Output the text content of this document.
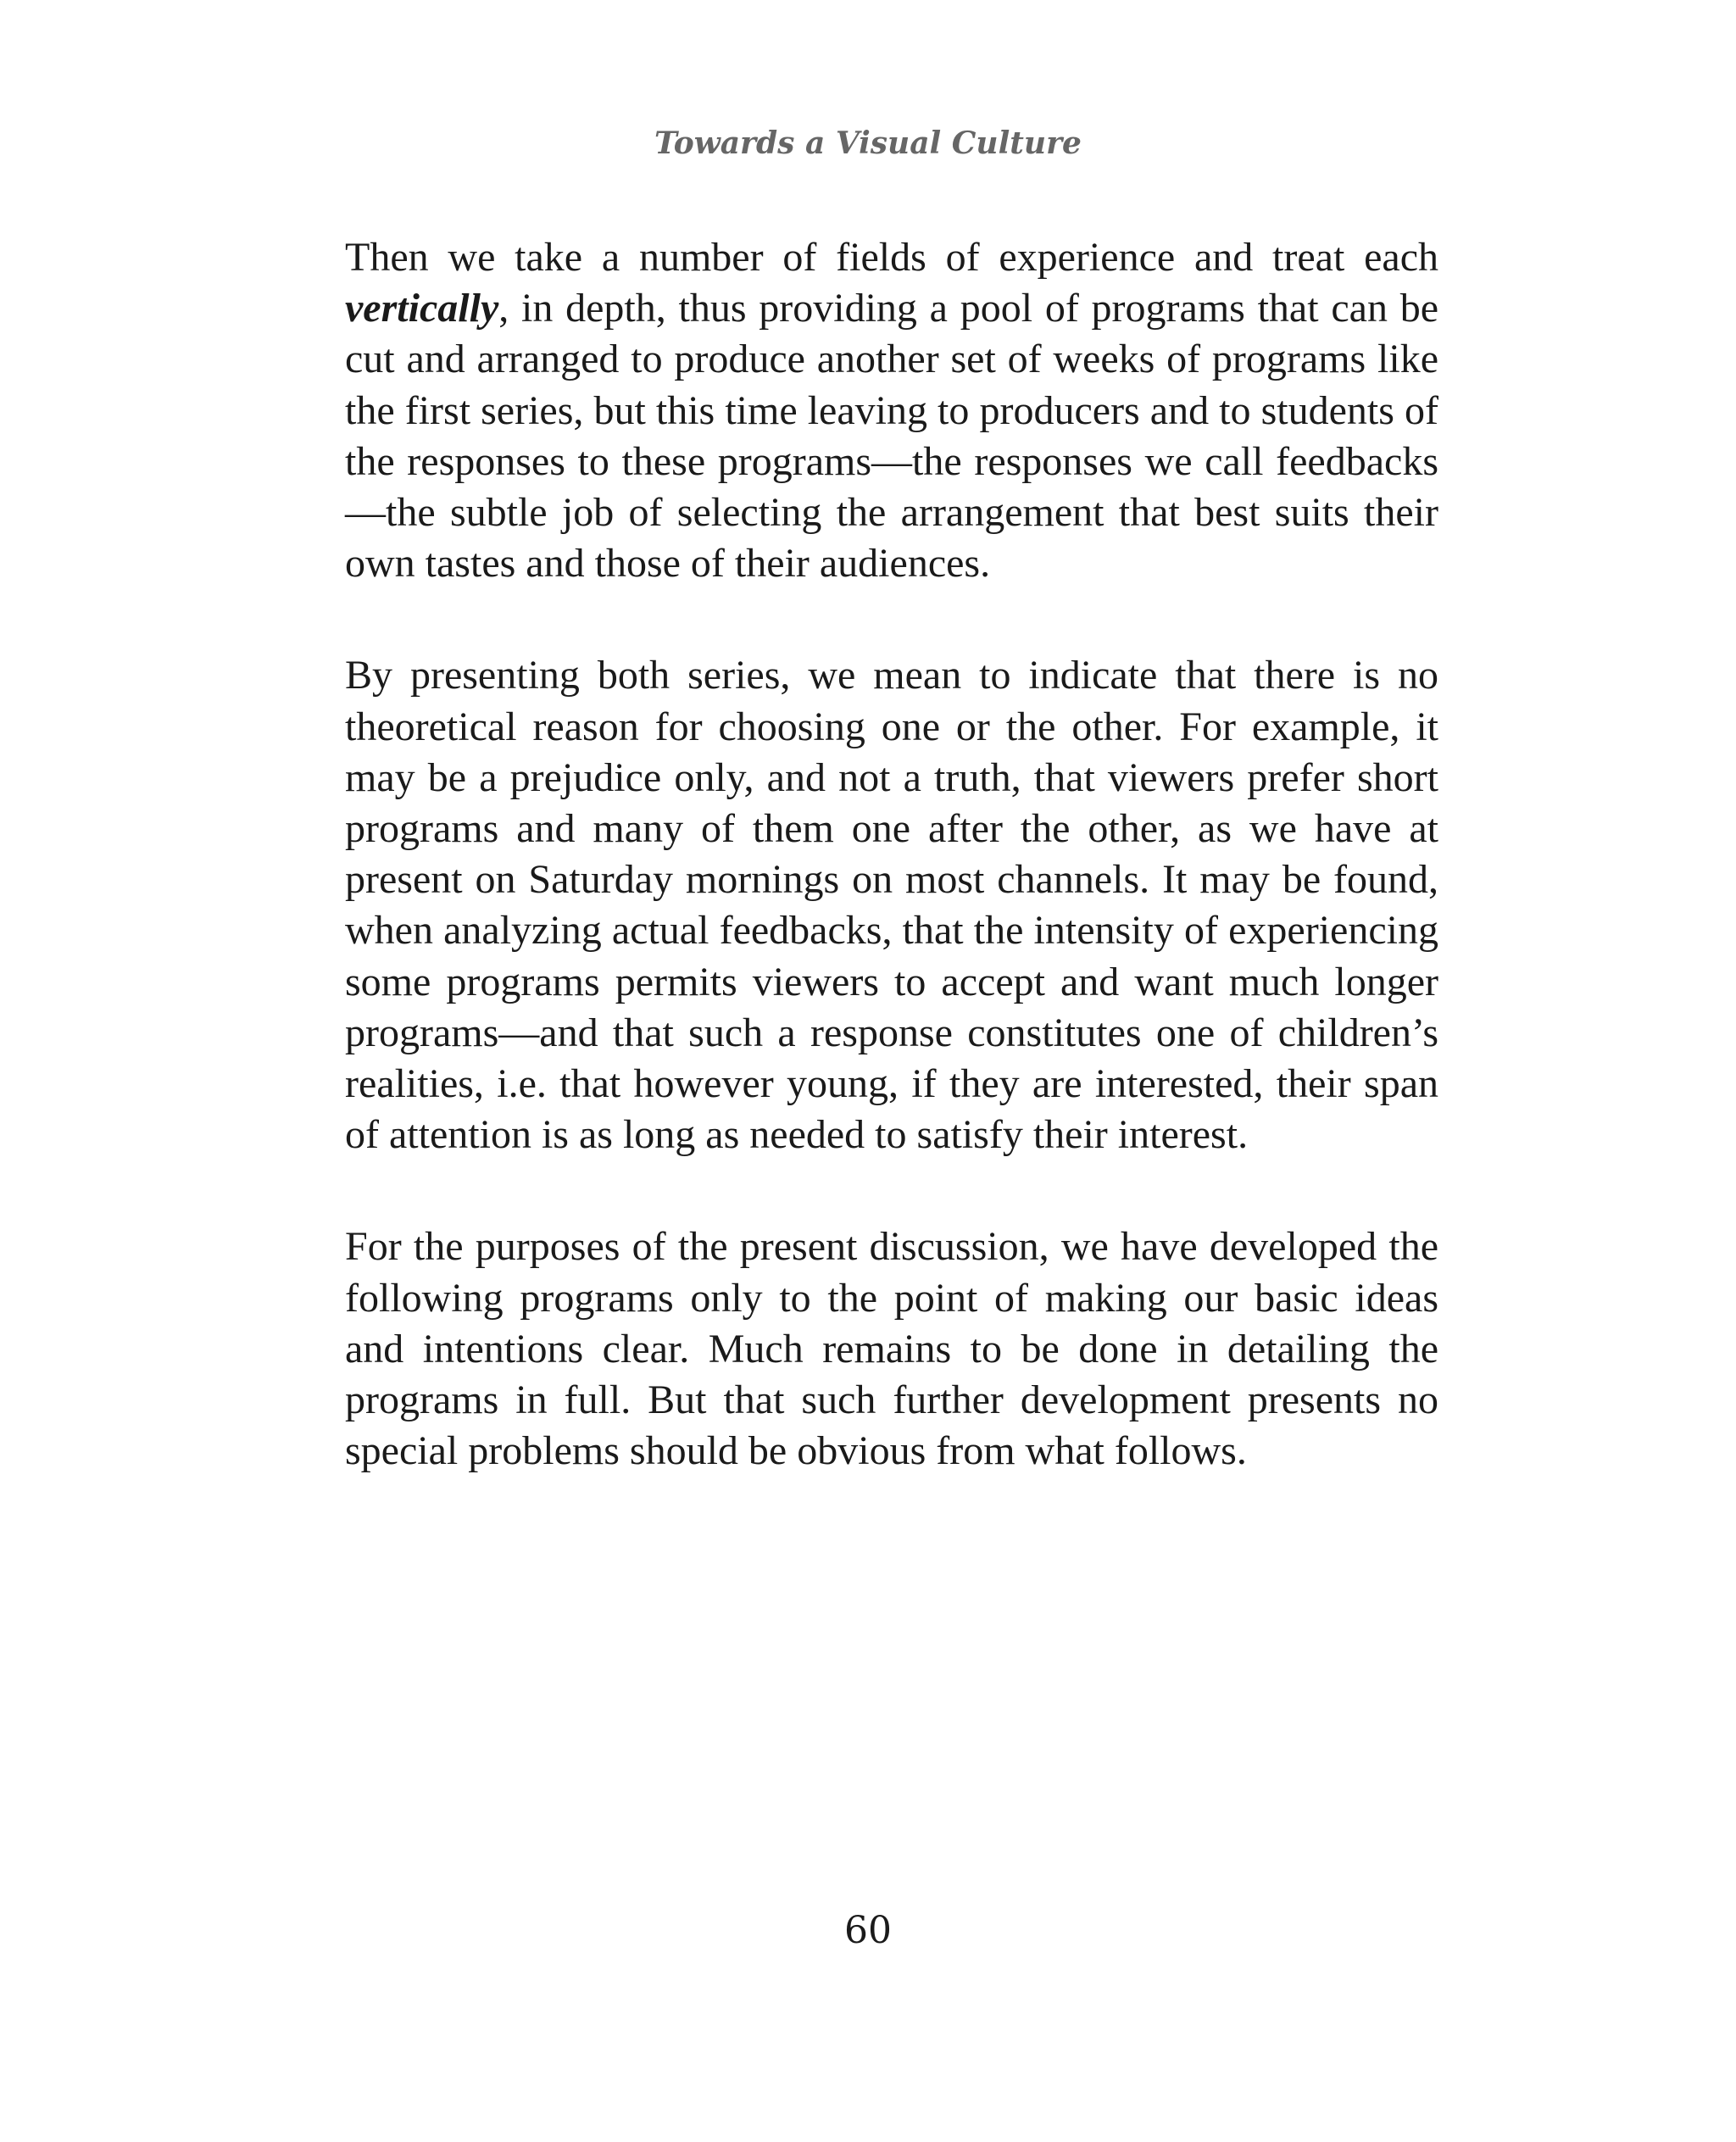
Towards a Visual Culture

Then we take a number of fields of experience and treat each vertically, in depth, thus providing a pool of programs that can be cut and arranged to produce another set of weeks of programs like the first series, but this time leaving to producers and to students of the responses to these programs—the responses we call feedbacks—the subtle job of selecting the arrangement that best suits their own tastes and those of their audiences.

By presenting both series, we mean to indicate that there is no theoretical reason for choosing one or the other. For example, it may be a prejudice only, and not a truth, that viewers prefer short programs and many of them one after the other, as we have at present on Saturday mornings on most channels. It may be found, when analyzing actual feedbacks, that the intensity of experiencing some programs permits viewers to accept and want much longer programs—and that such a response constitutes one of children’s realities, i.e. that however young, if they are interested, their span of attention is as long as needed to satisfy their interest.

For the purposes of the present discussion, we have developed the following programs only to the point of making our basic ideas and intentions clear. Much remains to be done in detailing the programs in full. But that such further development presents no special problems should be obvious from what follows.

60
